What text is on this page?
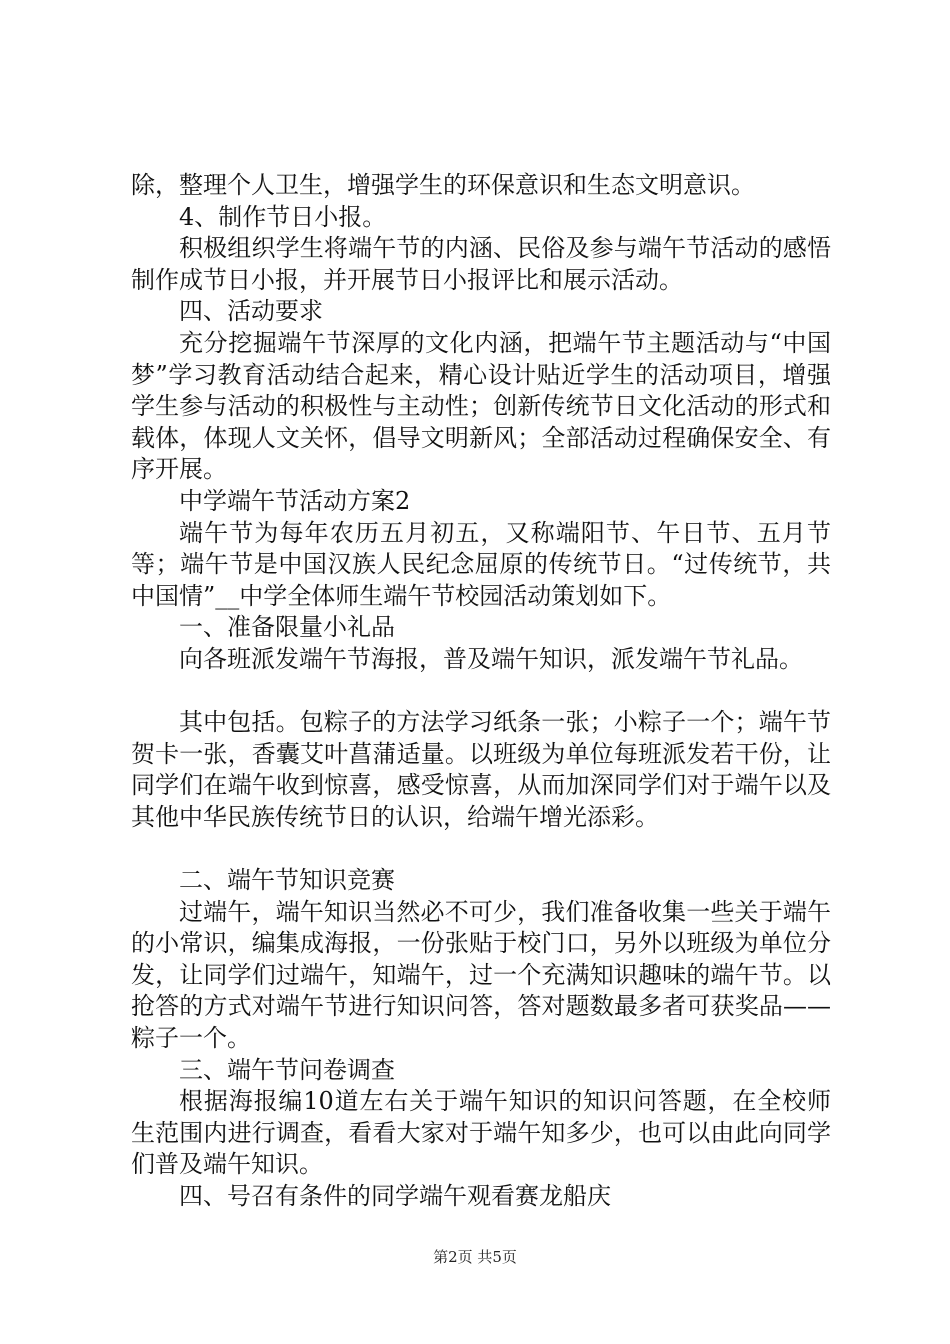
除，整理个人卫生，增强学生的环保意识和生态文明意识。

4、制作节日小报。

积极组织学生将端午节的内涵、民俗及参与端午节活动的感悟制作成节日小报，并开展节日小报评比和展示活动。

四、活动要求

充分挖掘端午节深厚的文化内涵，把端午节主题活动与“中国梦”学习教育活动结合起来，精心设计贴近学生的活动项目，增强学生参与活动的积极性与主动性；创新传统节日文化活动的形式和载体，体现人文关怀，倡导文明新风；全部活动过程确保安全、有序开展。

中学端午节活动方案2

端午节为每年农历五月初五，又称端阳节、午日节、五月节等；端午节是中国汉族人民纪念屈原的传统节日。“过传统节，共中国情”__中学全体师生端午节校园活动策划如下。

一、准备限量小礼品

向各班派发端午节海报，普及端午知识，派发端午节礼品。

其中包括。包粽子的方法学习纸条一张；小粽子一个；端午节贺卡一张，香囊艾叶菖蒲适量。以班级为单位每班派发若干份，让同学们在端午收到惊喜，感受惊喜，从而加深同学们对于端午以及其他中华民族传统节日的认识，给端午增光添彩。

二、端午节知识竞赛

过端午，端午知识当然必不可少，我们准备收集一些关于端午的小常识，编集成海报，一份张贴于校门口，另外以班级为单位分发，让同学们过端午，知端午，过一个充满知识趣味的端午节。以抢答的方式对端午节进行知识问答，答对题数最多者可获奖品——粽子一个。

三、端午节问卷调查

根据海报编10道左右关于端午知识的知识问答题，在全校师生范围内进行调查，看看大家对于端午知多少，也可以由此向同学们普及端午知识。

四、号召有条件的同学端午观看赛龙船庆

第2页 共5页
